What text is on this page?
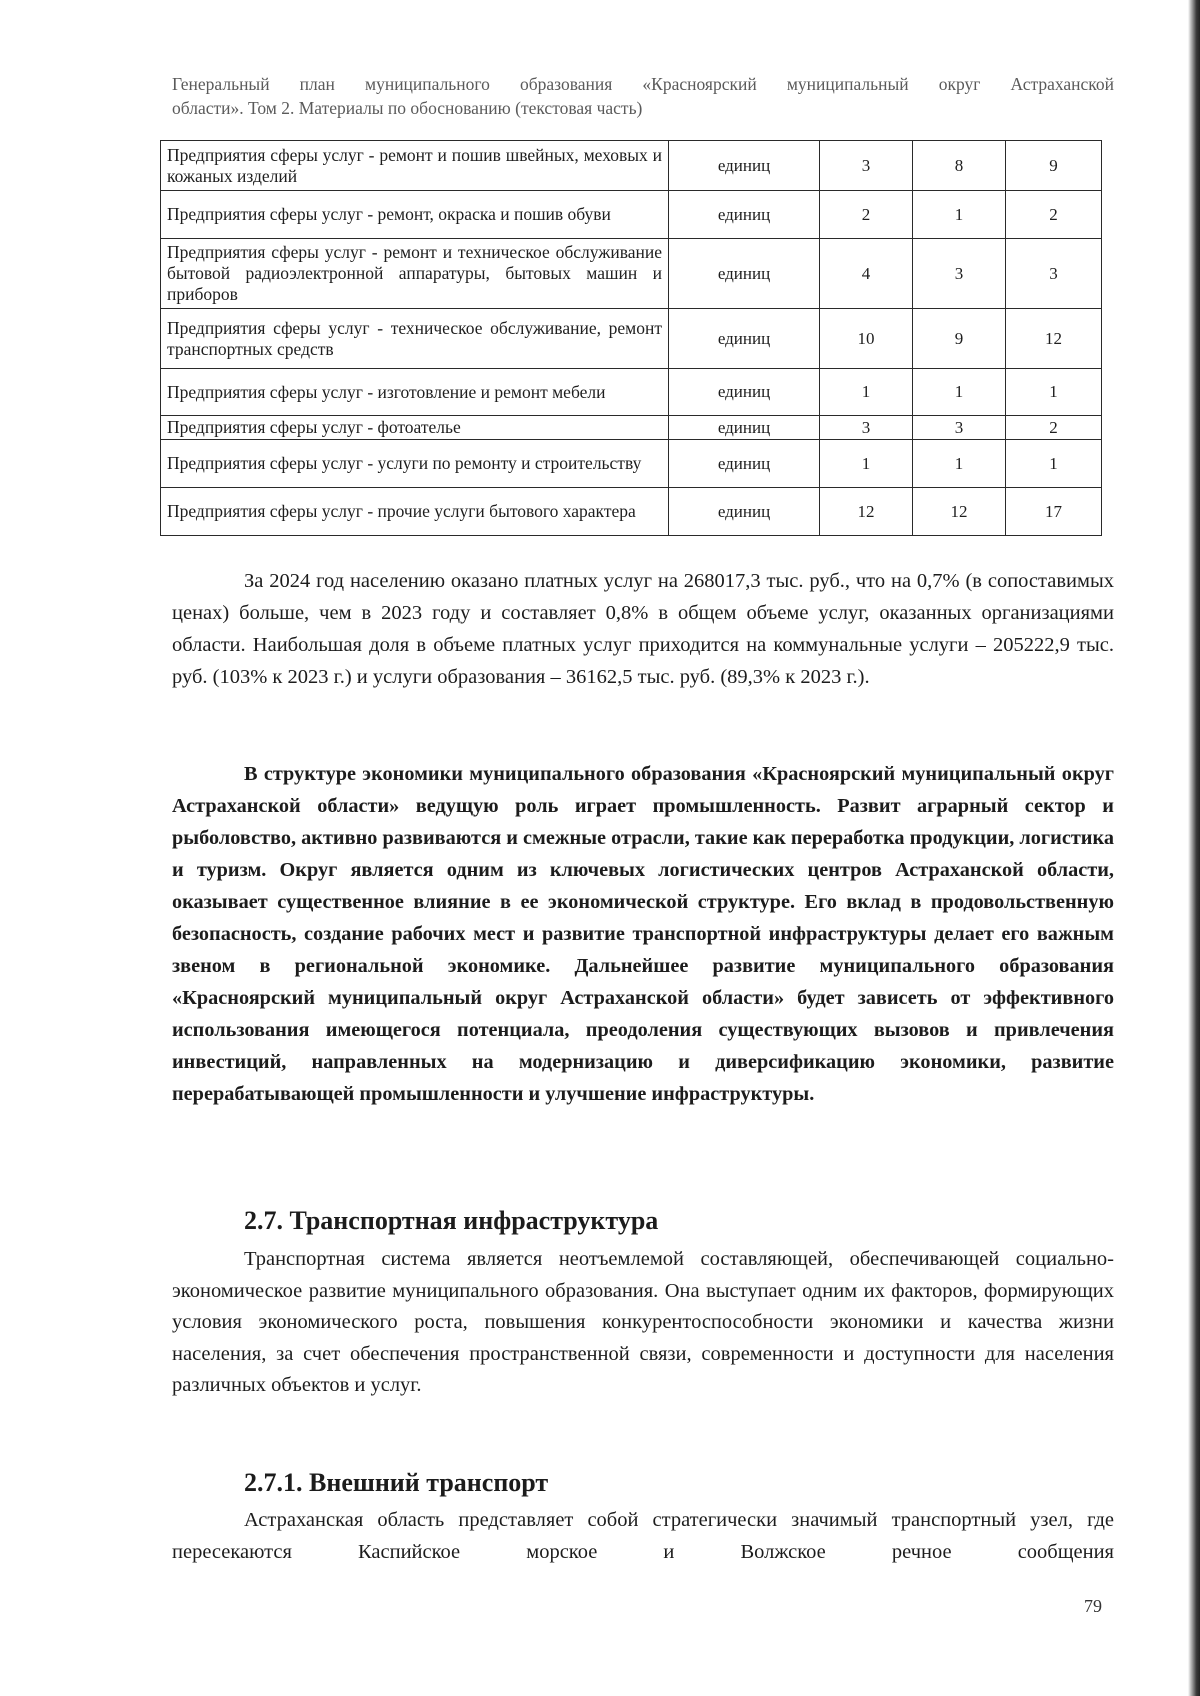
Генеральный план муниципального образования «Красноярский муниципальный округ Астраханской
области». Том 2. Материалы по обоснованию (текстовая часть)
Предприятия сферы услуг - ремонт и пошив швейных, меховых и кожаных изделий	единиц	3	8	9
Предприятия сферы услуг - ремонт, окраска и пошив обуви	единиц	2	1	2
Предприятия сферы услуг - ремонт и техническое обслуживание бытовой радиоэлектронной аппаратуры, бытовых машин и приборов	единиц	4	3	3
Предприятия сферы услуг - техническое обслуживание, ремонт транспортных средств	единиц	10	9	12
Предприятия сферы услуг - изготовление и ремонт мебели	единиц	1	1	1
Предприятия сферы услуг - фотоателье	единиц	3	3	2
Предприятия сферы услуг - услуги по ремонту и строительству	единиц	1	1	1
Предприятия сферы услуг - прочие услуги бытового характера	единиц	12	12	17

За 2024 год населению оказано платных услуг на 268017,3 тыс. руб., что на 0,7% (в сопоставимых ценах) больше, чем в 2023 году и составляет 0,8% в общем объеме услуг, оказанных организациями области. Наибольшая доля в объеме платных услуг приходится на коммунальные услуги – 205222,9 тыс. руб. (103% к 2023 г.) и услуги образования – 36162,5 тыс. руб. (89,3% к 2023 г.).

В структуре экономики муниципального образования «Красноярский муниципальный округ Астраханской области» ведущую роль играет промышленность. Развит аграрный сектор и рыболовство, активно развиваются и смежные отрасли, такие как переработка продукции, логистика и туризм. Округ является одним из ключевых логистических центров Астраханской области, оказывает существенное влияние в ее экономической структуре. Его вклад в продовольственную безопасность, создание рабочих мест и развитие транспортной инфраструктуры делает его важным звеном в региональной экономике. Дальнейшее развитие муниципального образования «Красноярский муниципальный округ Астраханской области» будет зависеть от эффективного использования имеющегося потенциала, преодоления существующих вызовов и привлечения инвестиций, направленных на модернизацию и диверсификацию экономики, развитие перерабатывающей промышленности и улучшение инфраструктуры.

2.7. Транспортная инфраструктура

Транспортная система является неотъемлемой составляющей, обеспечивающей социально-экономическое развитие муниципального образования. Она выступает одним их факторов, формирующих условия экономического роста, повышения конкурентоспособности экономики и качества жизни населения, за счет обеспечения пространственной связи, современности и доступности для населения различных объектов и услуг.

2.7.1. Внешний транспорт

Астраханская область представляет собой стратегически значимый транспортный узел, где пересекаются Каспийское морское и Волжское речное сообщения

79
